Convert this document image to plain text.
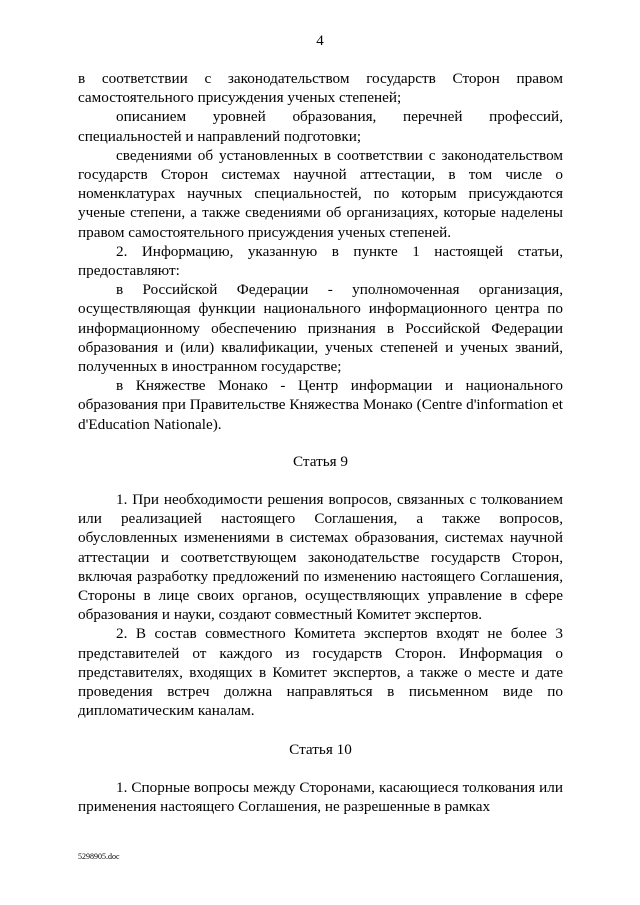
4

в соответствии с законодательством государств Сторон правом самостоятельного присуждения ученых степеней;

описанием уровней образования, перечней профессий, специальностей и направлений подготовки;

сведениями об установленных в соответствии с законодательством государств Сторон системах научной аттестации, в том числе о номенклатурах научных специальностей, по которым присуждаются ученые степени, а также сведениями об организациях, которые наделены правом самостоятельного присуждения ученых степеней.

2. Информацию, указанную в пункте 1 настоящей статьи, предоставляют:

в Российской Федерации - уполномоченная организация, осуществляющая функции национального информационного центра по информационному обеспечению признания в Российской Федерации образования и (или) квалификации, ученых степеней и ученых званий, полученных в иностранном государстве;

в Княжестве Монако - Центр информации и национального образования при Правительстве Княжества Монако (Centre d'information et d'Education Nationale).

Статья 9

1. При необходимости решения вопросов, связанных с толкованием или реализацией настоящего Соглашения, а также вопросов, обусловленных изменениями в системах образования, системах научной аттестации и соответствующем законодательстве государств Сторон, включая разработку предложений по изменению настоящего Соглашения, Стороны в лице своих органов, осуществляющих управление в сфере образования и науки, создают совместный Комитет экспертов.

2. В состав совместного Комитета экспертов входят не более 3 представителей от каждого из государств Сторон. Информация о представителях, входящих в Комитет экспертов, а также о месте и дате проведения встреч должна направляться в письменном виде по дипломатическим каналам.

Статья 10

1. Спорные вопросы между Сторонами, касающиеся толкования или применения настоящего Соглашения, не разрешенные в рамках

5298905.doc
